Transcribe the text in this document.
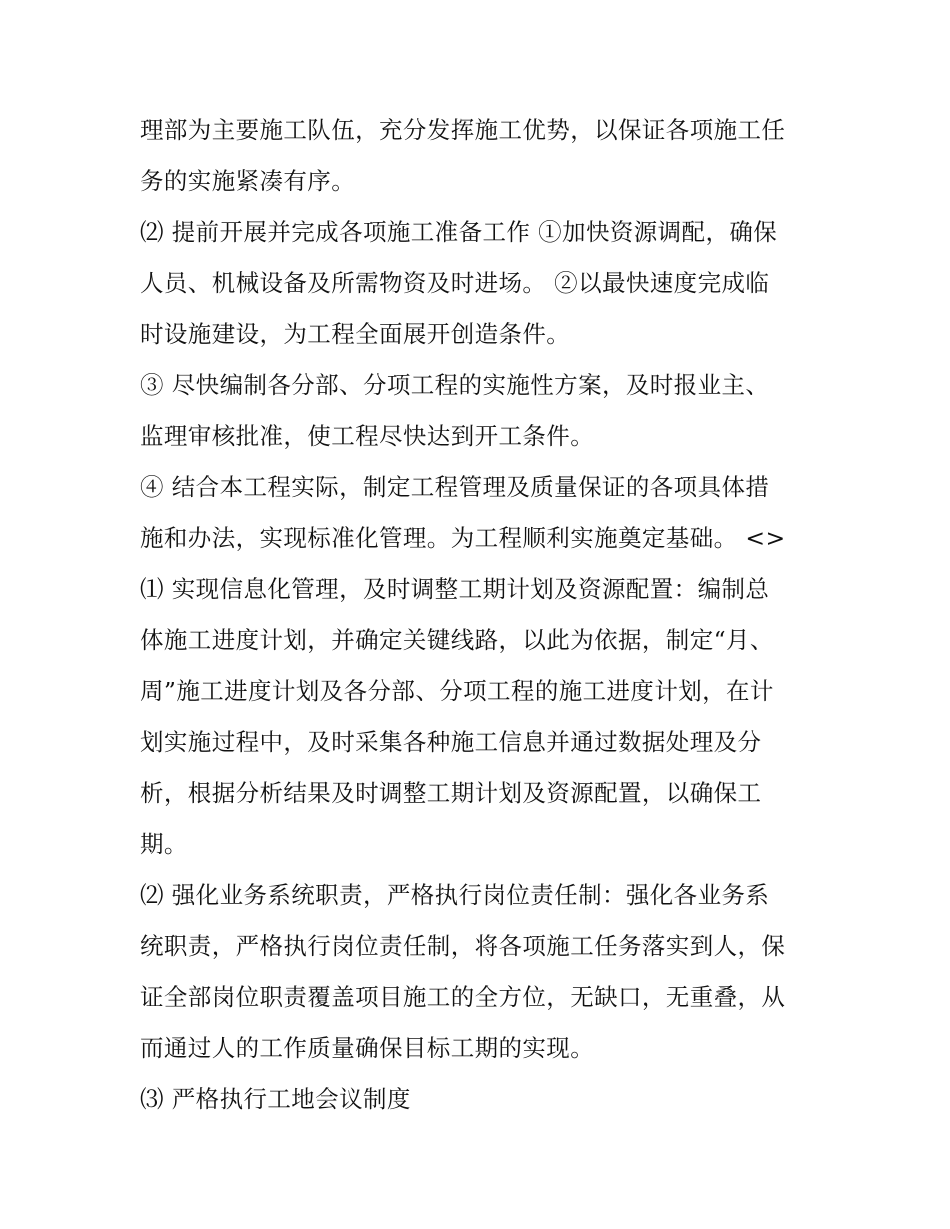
理部为主要施工队伍，充分发挥施工优势，以保证各项施工任
务的实施紧凑有序。
⑵ 提前开展并完成各项施工准备工作 ①加快资源调配，确保
人员、机械设备及所需物资及时进场。 ②以最快速度完成临
时设施建设，为工程全面展开创造条件。
③ 尽快编制各分部、分项工程的实施性方案，及时报业主、
监理审核批准，使工程尽快达到开工条件。
④ 结合本工程实际，制定工程管理及质量保证的各项具体措
施和办法，实现标准化管理。为工程顺利实施奠定基础。 <>
⑴ 实现信息化管理，及时调整工期计划及资源配置：编制总
体施工进度计划，并确定关键线路，以此为依据，制定“月、
周”施工进度计划及各分部、分项工程的施工进度计划，在计
划实施过程中，及时采集各种施工信息并通过数据处理及分
析，根据分析结果及时调整工期计划及资源配置，以确保工
期。
⑵ 强化业务系统职责，严格执行岗位责任制：强化各业务系
统职责，严格执行岗位责任制，将各项施工任务落实到人，保
证全部岗位职责覆盖项目施工的全方位，无缺口，无重叠，从
而通过人的工作质量确保目标工期的实现。
⑶ 严格执行工地会议制度
